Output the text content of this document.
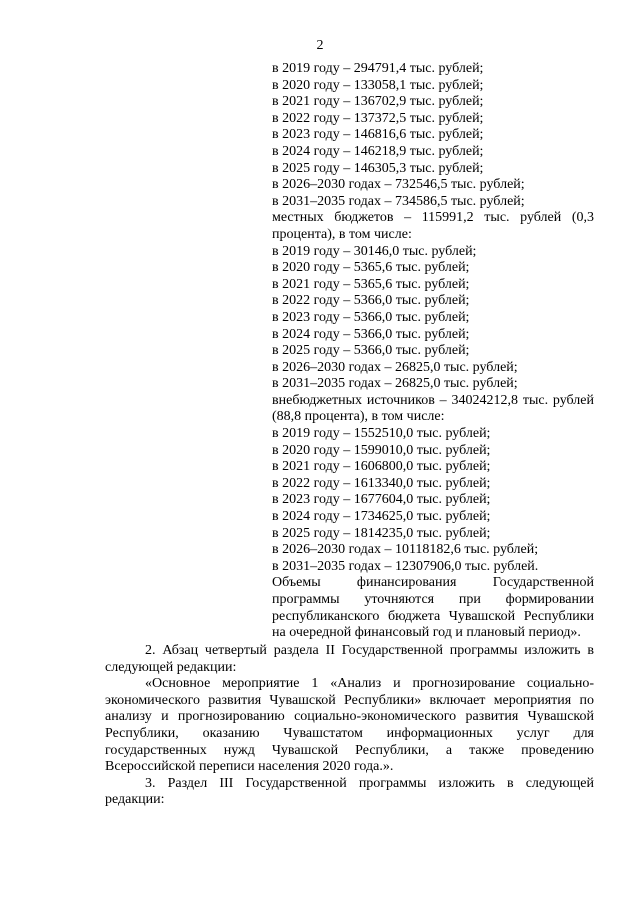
2
в 2019 году – 294791,4 тыс. рублей;
в 2020 году – 133058,1 тыс. рублей;
в 2021 году – 136702,9 тыс. рублей;
в 2022 году – 137372,5 тыс. рублей;
в 2023 году – 146816,6 тыс. рублей;
в 2024 году – 146218,9 тыс. рублей;
в 2025 году – 146305,3 тыс. рублей;
в 2026–2030 годах – 732546,5 тыс. рублей;
в 2031–2035 годах – 734586,5 тыс. рублей;
местных бюджетов – 115991,2 тыс. рублей (0,3 процента), в том числе:
в 2019 году – 30146,0 тыс. рублей;
в 2020 году – 5365,6 тыс. рублей;
в 2021 году – 5365,6 тыс. рублей;
в 2022 году – 5366,0 тыс. рублей;
в 2023 году – 5366,0 тыс. рублей;
в 2024 году – 5366,0 тыс. рублей;
в 2025 году – 5366,0 тыс. рублей;
в 2026–2030 годах – 26825,0 тыс. рублей;
в 2031–2035 годах – 26825,0 тыс. рублей;
внебюджетных источников – 34024212,8 тыс. рублей (88,8 процента), в том числе:
в 2019 году – 1552510,0 тыс. рублей;
в 2020 году – 1599010,0 тыс. рублей;
в 2021 году – 1606800,0 тыс. рублей;
в 2022 году – 1613340,0 тыс. рублей;
в 2023 году – 1677604,0 тыс. рублей;
в 2024 году – 1734625,0 тыс. рублей;
в 2025 году – 1814235,0 тыс. рублей;
в 2026–2030 годах – 10118182,6 тыс. рублей;
в 2031–2035 годах – 12307906,0 тыс. рублей.
Объемы финансирования Государственной программы уточняются при формировании республиканского бюджета Чувашской Республики на очередной финансовый год и плановый период».

2. Абзац четвертый раздела II Государственной программы изложить в следующей редакции:

«Основное мероприятие 1 «Анализ и прогнозирование социально-экономического развития Чувашской Республики» включает мероприятия по анализу и прогнозированию социально-экономического развития Чувашской Республики, оказанию Чувашстатом информационных услуг для государственных нужд Чувашской Республики, а также проведению Всероссийской переписи населения 2020 года.».

3. Раздел III Государственной программы изложить в следующей редакции:
